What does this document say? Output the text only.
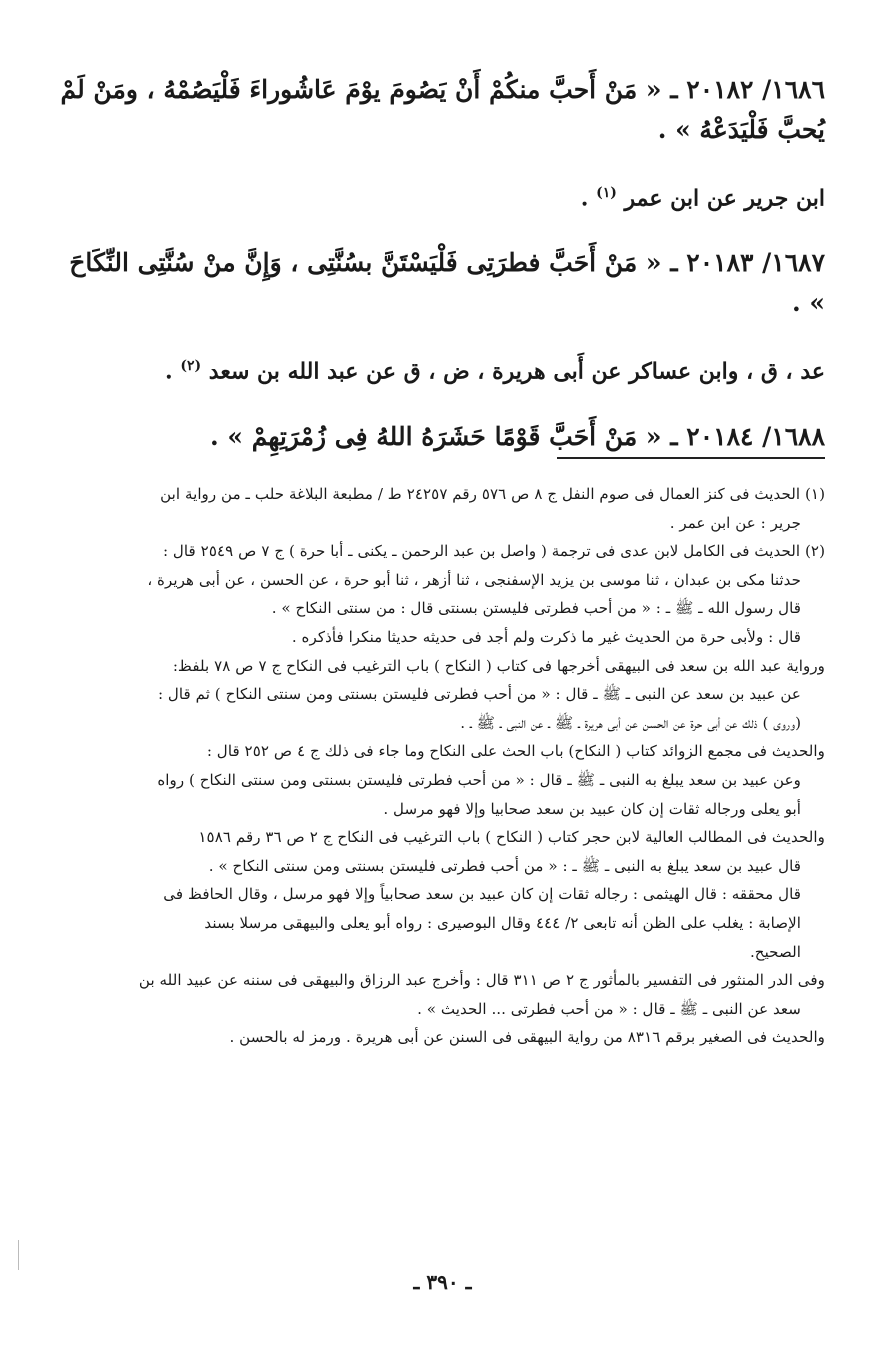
١٦٨٦/ ٢٠١٨٢ ـ « مَنْ أَحبَّ منكُمْ أَنْ يَصُومَ يوْمَ عَاشُوراءَ فَلْيَصُمْهُ ، ومَنْ لَمْ

يُحبَّ فَلْيَدَعْهُ » .

ابن جرير عن ابن عمر $^{(١)}$ .

١٦٨٧/ ٢٠١٨٣ ـ « مَنْ أَحَبَّ فطرَتِى فَلْيَسْتَنَّ بسُنَّتِى ، وَإِنَّ منْ سُنَّتِى النِّكَاحَ » .

عد ، ق ، وابن عساكر عن أَبى هريرة ، ض ، ق عن عبد الله بن سعد $^{(٢)}$ .

١٦٨٨/ ٢٠١٨٤ ـ « مَنْ أَحَبَّ قَوْمًا حَشَرَهُ اللهُ فِى زُمْرَتِهِمْ » .

(١) الحديث فى كنز العمال فى صوم النفل ج ٨ ص ٥٧٦ رقم ٢٤٢٥٧ ط / مطبعة البلاغة حلب ـ من رواية ابن

جرير : عن ابن عمر .

(٢) الحديث فى الكامل لابن عدى فى ترجمة ( واصل بن عبد الرحمن ـ يكنى ـ أبا حرة ) ج ٧ ص ٢٥٤٩ قال :

حدثنا مكى بن عبدان ، ثنا موسى بن يزيد الإسفنجى ، ثنا أزهر ، ثنا أبو حرة ، عن الحسن ، عن أبى هريرة ،

قال رسول الله ـ ﷺ ـ : « من أحب فطرتى فليستن بسنتى قال : من سنتى النكاح » .

قال : ولأبى حرة من الحديث غير ما ذكرت ولم أجد فى حديثه حديثا منكرا فأذكره .

ورواية عبد الله بن سعد فى البيهقى أخرجها فى كتاب ( النكاح ) باب الترغيب فى النكاح ج ٧ ص ٧٨ بلفظ:

عن عبيد بن سعد عن النبى ـ ﷺ ـ قال : « من أحب فطرتى فليستن بسنتى ومن سنتى النكاح ) ثم قال :

(وروى ) ذلك عن أبى حرة عن الحسن عن أبى هريرة ـ ﷺ ـ عن النبى ـ ﷺ ـ .

والحديث فى مجمع الزوائد كتاب ( النكاح) باب الحث على النكاح وما جاء فى ذلك ج ٤ ص ٢٥٢ قال :

وعن عبيد بن سعد يبلغ به النبى ـ ﷺ ـ قال : « من أحب فطرتى فليستن بسنتى ومن سنتى النكاح ) رواه

أبو يعلى ورجاله ثقات إن كان عبيد بن سعد صحابيا وإلا فهو مرسل .

والحديث فى المطالب العالية لابن حجر كتاب ( النكاح ) باب الترغيب فى النكاح ج ٢ ص ٣٦ رقم ١٥٨٦

قال عبيد بن سعد يبلغ به النبى ـ ﷺ ـ : « من أحب فطرتى فليستن بسنتى ومن سنتى النكاح » .

قال محققه : قال الهيثمى : رجاله ثقات إن كان عبيد بن سعد صحابياً وإلا فهو مرسل ، وقال الحافظ فى

الإصابة : يغلب على الظن أنه تابعى ٢/ ٤٤٤ وقال البوصيرى : رواه أبو يعلى والبيهقى مرسلا بسند

الصحيح.

وفى الدر المنثور فى التفسير بالمأثور ج ٢ ص ٣١١ قال : وأخرج عبد الرزاق والبيهقى فى سننه عن عبيد الله بن

سعد عن النبى ـ ﷺ ـ قال : « من أحب فطرتى ... الحديث » .

والحديث فى الصغير برقم ٨٣١٦ من رواية البيهقى فى السنن عن أبى هريرة . ورمز له بالحسن .

ـ ٣٩٠ ـ
